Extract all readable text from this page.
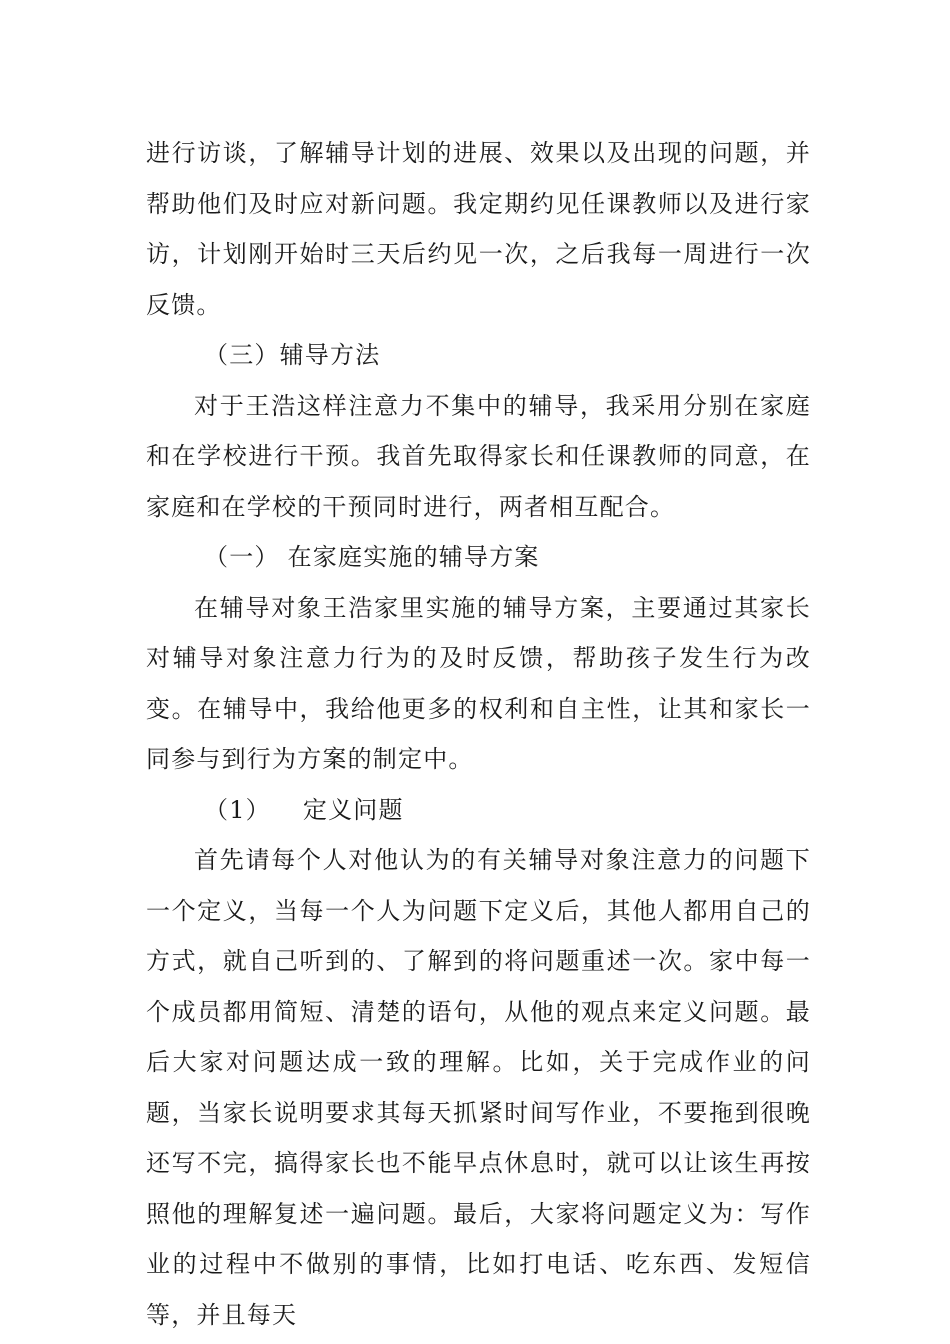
进行访谈，了解辅导计划的进展、效果以及出现的问题，并帮助他们及时应对新问题。我定期约见任课教师以及进行家访，计划刚开始时三天后约见一次，之后我每一周进行一次反馈。

（三）辅导方法

对于王浩这样注意力不集中的辅导，我采用分别在家庭和在学校进行干预。我首先取得家长和任课教师的同意，在家庭和在学校的干预同时进行，两者相互配合。

（一） 在家庭实施的辅导方案

在辅导对象王浩家里实施的辅导方案，主要通过其家长对辅导对象注意力行为的及时反馈，帮助孩子发生行为改变。在辅导中，我给他更多的权利和自主性，让其和家长一同参与到行为方案的制定中。

（1） 定义问题

首先请每个人对他认为的有关辅导对象注意力的问题下一个定义，当每一个人为问题下定义后，其他人都用自己的方式，就自己听到的、了解到的将问题重述一次。家中每一个成员都用简短、清楚的语句，从他的观点来定义问题。最后大家对问题达成一致的理解。比如，关于完成作业的问题，当家长说明要求其每天抓紧时间写作业，不要拖到很晚还写不完，搞得家长也不能早点休息时，就可以让该生再按照他的理解复述一遍问题。最后，大家将问题定义为：写作业的过程中不做别的事情，比如打电话、吃东西、发短信等，并且每天
